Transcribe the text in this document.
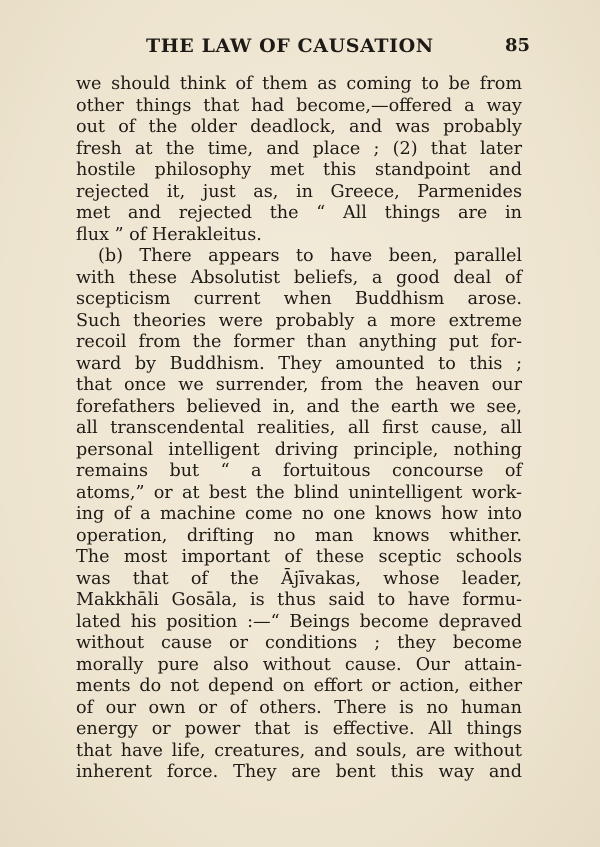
THE LAW OF CAUSATION	85
we should think of them as coming to be from
other things that had become,—offered a way
out of the older deadlock, and was probably
fresh at the time, and place ; (2) that later
hostile philosophy met this standpoint and
rejected it, just as, in Greece, Parmenides
met and rejected the “ All things are in
flux ” of Herakleitus.
(b) There appears to have been, parallel
with these Absolutist beliefs, a good deal of
scepticism current when Buddhism arose.
Such theories were probably a more extreme
recoil from the former than anything put for-
ward by Buddhism. They amounted to this ;
that once we surrender, from the heaven our
forefathers believed in, and the earth we see,
all transcendental realities, all first cause, all
personal intelligent driving principle, nothing
remains but “ a fortuitous concourse of
atoms,” or at best the blind unintelligent work-
ing of a machine come no one knows how into
operation, drifting no man knows whither.
The most important of these sceptic schools
was that of the Ājīvakas, whose leader,
Makkhāli Gosāla, is thus said to have formu-
lated his position :—“ Beings become depraved
without cause or conditions ; they become
morally pure also without cause. Our attain-
ments do not depend on effort or action, either
of our own or of others. There is no human
energy or power that is effective. All things
that have life, creatures, and souls, are without
inherent force. They are bent this way and
